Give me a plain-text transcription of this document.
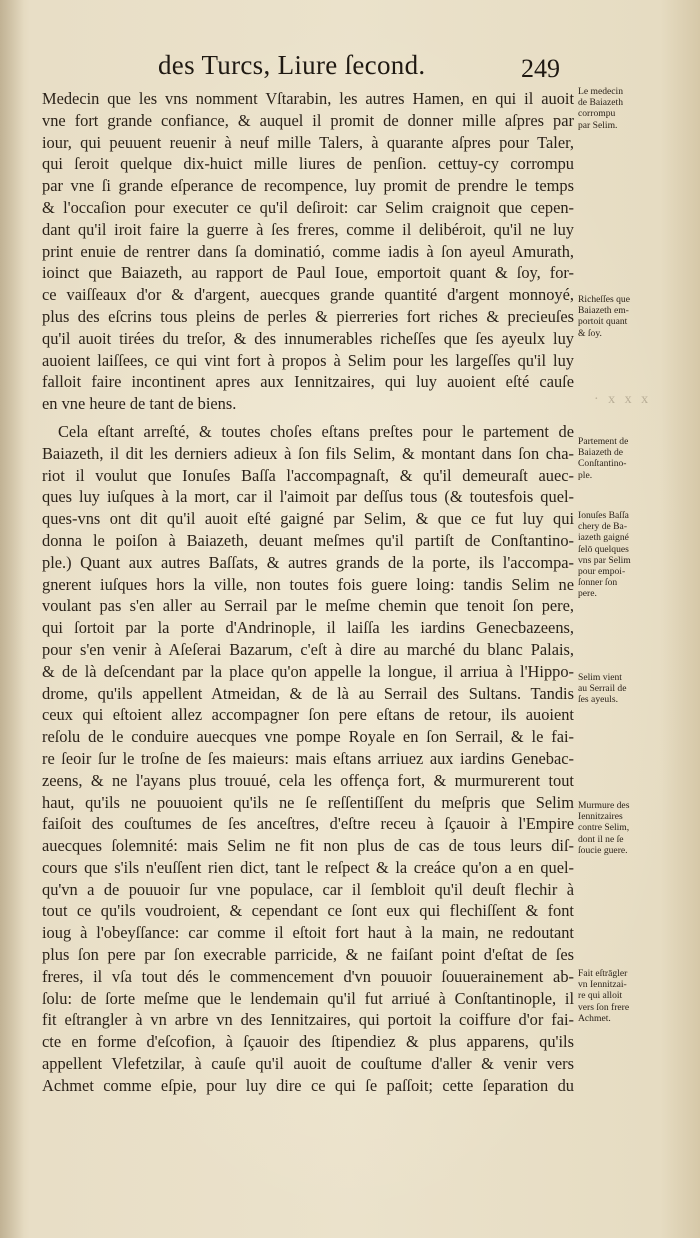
des Turcs, Liure ſecond.	249
Medecin que les vns nomment Vſtarabin, les autres Hamen, en qui il auoit
vne fort grande confiance, & auquel il promit de donner mille aſpres par
iour, qui peuuent reuenir à neuf mille Talers, à quarante aſpres pour Taler,
qui ſeroit quelque dix-huict mille liures de penſion. cettuy-cy corrompu
par vne ſi grande eſperance de recompence, luy promit de prendre le temps
& l'occaſion pour executer ce qu'il deſiroit: car Selim craignoit que cepen-
dant qu'il iroit faire la guerre à ſes freres, comme il delibéroit, qu'il ne luy
print enuie de rentrer dans ſa dominatió, comme iadis à ſon ayeul Amurath,
ioinct que Baiazeth, au rapport de Paul Ioue, emportoit quant & ſoy, for-
ce vaiſſeaux d'or & d'argent, auecques grande quantité d'argent monnoyé,
plus des eſcrins tous pleins de perles & pierreries fort riches & precieuſes
qu'il auoit tirées du treſor, & des innumerables richeſſes que ſes ayeulx luy
auoient laiſſees, ce qui vint fort à propos à Selim pour les largeſſes qu'il luy
falloit faire incontinent apres aux Iennitzaires, qui luy auoient eſté cauſe
en vne heure de tant de biens.
Cela eſtant arreſté, & toutes choſes eſtans preſtes pour le partement de
Baiazeth, il dit les derniers adieux à ſon fils Selim, & montant dans ſon cha-
riot il voulut que Ionuſes Baſſa l'accompagnaſt, & qu'il demeuraſt auec-
ques luy iuſques à la mort, car il l'aimoit par deſſus tous (& toutesfois quel-
ques-vns ont dit qu'il auoit eſté gaigné par Selim, & que ce fut luy qui
donna le poiſon à Baiazeth, deuant meſmes qu'il partiſt de Conſtantino-
ple.) Quant aux autres Baſſats, & autres grands de la porte, ils l'accompa-
gnerent iuſques hors la ville, non toutes fois guere loing: tandis Selim ne
voulant pas s'en aller au Serrail par le meſme chemin que tenoit ſon pere,
qui ſortoit par la porte d'Andrinople, il laiſſa les iardins Genecbazeens,
pour s'en venir à Aſeſerai Bazarum, c'eſt à dire au marché du blanc Palais,
& de là deſcendant par la place qu'on appelle la longue, il arriua à l'Hippo-
drome, qu'ils appellent Atmeidan, & de là au Serrail des Sultans. Tandis
ceux qui eſtoient allez accompagner ſon pere eſtans de retour, ils auoient
reſolu de le conduire auecques vne pompe Royale en ſon Serrail, & le fai-
re ſeoir ſur le troſne de ſes maieurs: mais eſtans arriuez aux iardins Genebac-
zeens, & ne l'ayans plus trouué, cela les offença fort, & murmurerent tout
haut, qu'ils ne pouuoient qu'ils ne ſe reſſentiſſent du meſpris que Selim
faiſoit des couſtumes de ſes anceſtres, d'eſtre receu à ſçauoir à l'Empire
auecques ſolemnité: mais Selim ne fit non plus de cas de tous leurs diſ-
cours que s'ils n'euſſent rien dict, tant le reſpect & la creáce qu'on a en quel-
qu'vn a de pouuoir ſur vne populace, car il ſembloit qu'il deuſt flechir à
tout ce qu'ils voudroient, & cependant ce ſont eux qui flechiſſent & font
ioug à l'obeyſſance: car comme il eſtoit fort haut à la main, ne redoutant
plus ſon pere par ſon execrable parricide, & ne faiſant point d'eſtat de ſes
freres, il vſa tout dés le commencement d'vn pouuoir ſouuerainement ab-
ſolu: de ſorte meſme que le lendemain qu'il fut arriué à Conſtantinople, il
fit eſtrangler à vn arbre vn des Iennitzaires, qui portoit la coiffure d'or fai-
cte en forme d'eſcofion, à ſçauoir des ſtipendiez & plus apparens, qu'ils
appellent Vlefetzilar, à cauſe qu'il auoit de couſtume d'aller & venir vers
Achmet comme eſpie, pour luy dire ce qui ſe paſſoit; cette ſeparation du
Le medecin
de Baiazeth
corrompu
par Selim.
Richeſſes que
Baiazeth em-
portoit quant
& ſoy.
· x x x
Partement de
Baiazeth de
Conſtantino-
ple.
Ionuſes Baſſa
chery de Ba-
iazeth gaigné
ſelō quelques
vns par Selim
pour empoi-
ſonner ſon
pere.
Selim vient
au Serrail de
ſes ayeuls.
Murmure des
Iennitzaires
contre Selim,
dont il ne ſe
ſoucie guere.
Fait eſtrāgler
vn Iennitzai-
re qui alloit
vers ſon frere
Achmet.
